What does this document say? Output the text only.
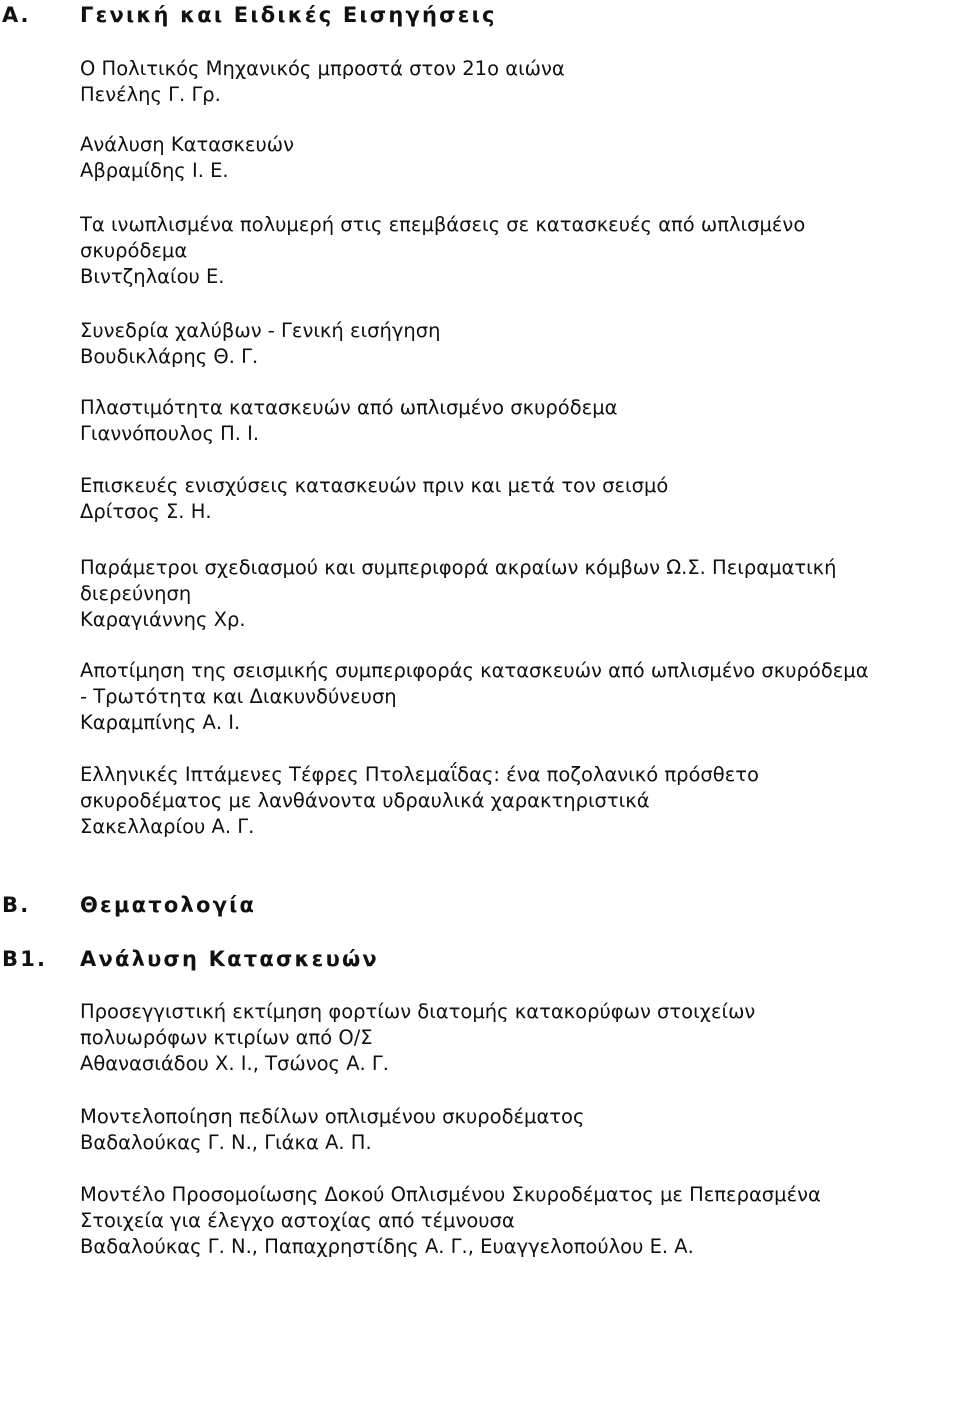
Α. Γενική και Ειδικές Εισηγήσεις
Ο Πολιτικός Μηχανικός μπροστά στον 21ο αιώνα
Πενέλης Γ. Γρ.
Ανάλυση Κατασκευών
Αβραμίδης Ι. Ε.
Τα ινωπλισμένα πολυμερή στις επεμβάσεις σε κατασκευές από ωπλισμένο
σκυρόδεμα
Βιντζηλαίου Ε.
Συνεδρία χαλύβων - Γενική εισήγηση
Βουδικλάρης Θ. Γ.
Πλαστιμότητα κατασκευών από ωπλισμένο σκυρόδεμα
Γιαννόπουλος Π. Ι.
Επισκευές ενισχύσεις κατασκευών πριν και μετά τον σεισμό
Δρίτσος Σ. Η.
Παράμετροι σχεδιασμού και συμπεριφορά ακραίων κόμβων Ω.Σ. Πειραματική
διερεύνηση
Καραγιάννης Χρ.
Αποτίμηση της σεισμικής συμπεριφοράς κατασκευών από ωπλισμένο σκυρόδεμα
- Τρωτότητα και Διακυνδύνευση
Καραμπίνης Α. Ι.
Ελληνικές Ιπτάμενες Τέφρες Πτολεμαΐδας: ένα ποζολανικό πρόσθετο
σκυροδέματος με λανθάνοντα υδραυλικά χαρακτηριστικά
Σακελλαρίου Α. Γ.
Β. Θεματολογία
Β1. Ανάλυση Κατασκευών
Προσεγγιστική εκτίμηση φορτίων διατομής κατακορύφων στοιχείων
πολυωρόφων κτιρίων από Ο/Σ
Αθανασιάδου Χ. Ι., Τσώνος Α. Γ.
Μοντελοποίηση πεδίλων οπλισμένου σκυροδέματος
Βαδαλούκας Γ. Ν., Γιάκα Α. Π.
Μοντέλο Προσομοίωσης Δοκού Οπλισμένου Σκυροδέματος με Πεπερασμένα
Στοιχεία για έλεγχο αστοχίας από τέμνουσα
Βαδαλούκας Γ. Ν., Παπαχρηστίδης Α. Γ., Ευαγγελοπούλου Ε. Α.
